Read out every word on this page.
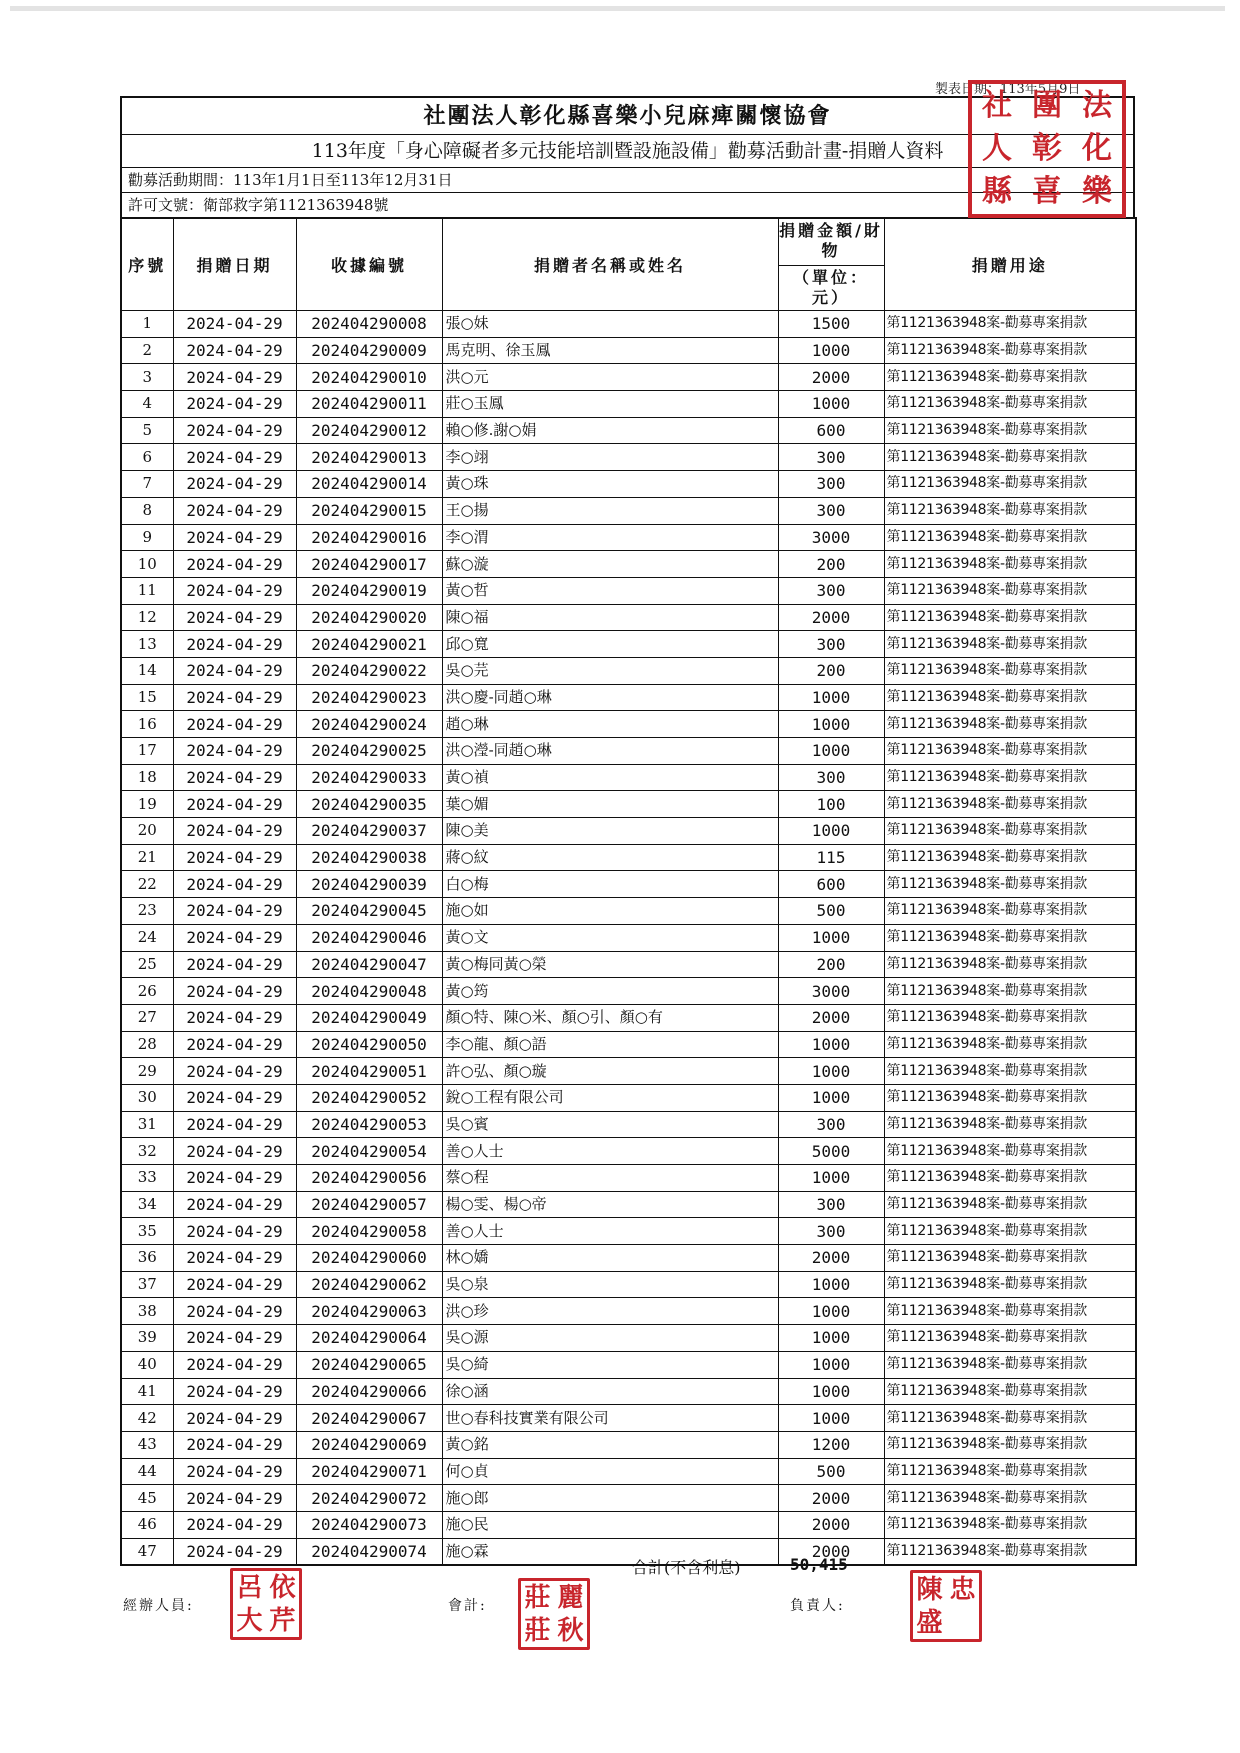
製表日期：113年5月9日
社團法人彰化縣喜樂小兒麻痺關懷協會
113年度「身心障礙者多元技能培訓暨設施設備」勸募活動計畫-捐贈人資料
勸募活動期間：113年1月1日至113年12月31日
許可文號：衛部救字第1121363948號
序號	捐贈日期	收據編號	捐贈者名稱或姓名	捐贈金額/財
物
（單位：元）	捐贈用途
1	2024-04-29	202404290008	張○妹	1500	第1121363948案-勸募專案捐款
2	2024-04-29	202404290009	馬克明、徐玉鳳	1000	第1121363948案-勸募專案捐款
3	2024-04-29	202404290010	洪○元	2000	第1121363948案-勸募專案捐款
4	2024-04-29	202404290011	莊○玉鳳	1000	第1121363948案-勸募專案捐款
5	2024-04-29	202404290012	賴○修.謝○娟	600	第1121363948案-勸募專案捐款
6	2024-04-29	202404290013	李○翊	300	第1121363948案-勸募專案捐款
7	2024-04-29	202404290014	黃○珠	300	第1121363948案-勸募專案捐款
8	2024-04-29	202404290015	王○揚	300	第1121363948案-勸募專案捐款
9	2024-04-29	202404290016	李○渭	3000	第1121363948案-勸募專案捐款
10	2024-04-29	202404290017	蘇○漩	200	第1121363948案-勸募專案捐款
11	2024-04-29	202404290019	黃○哲	300	第1121363948案-勸募專案捐款
12	2024-04-29	202404290020	陳○福	2000	第1121363948案-勸募專案捐款
13	2024-04-29	202404290021	邱○寬	300	第1121363948案-勸募專案捐款
14	2024-04-29	202404290022	吳○芫	200	第1121363948案-勸募專案捐款
15	2024-04-29	202404290023	洪○慶-同趙○琳	1000	第1121363948案-勸募專案捐款
16	2024-04-29	202404290024	趙○琳	1000	第1121363948案-勸募專案捐款
17	2024-04-29	202404290025	洪○瀅-同趙○琳	1000	第1121363948案-勸募專案捐款
18	2024-04-29	202404290033	黃○禎	300	第1121363948案-勸募專案捐款
19	2024-04-29	202404290035	葉○媚	100	第1121363948案-勸募專案捐款
20	2024-04-29	202404290037	陳○美	1000	第1121363948案-勸募專案捐款
21	2024-04-29	202404290038	蔣○紋	115	第1121363948案-勸募專案捐款
22	2024-04-29	202404290039	白○梅	600	第1121363948案-勸募專案捐款
23	2024-04-29	202404290045	施○如	500	第1121363948案-勸募專案捐款
24	2024-04-29	202404290046	黃○文	1000	第1121363948案-勸募專案捐款
25	2024-04-29	202404290047	黃○梅同黃○榮	200	第1121363948案-勸募專案捐款
26	2024-04-29	202404290048	黃○筠	3000	第1121363948案-勸募專案捐款
27	2024-04-29	202404290049	顏○特、陳○米、顏○引、顏○有	2000	第1121363948案-勸募專案捐款
28	2024-04-29	202404290050	李○龍、顏○語	1000	第1121363948案-勸募專案捐款
29	2024-04-29	202404290051	許○弘、顏○璇	1000	第1121363948案-勸募專案捐款
30	2024-04-29	202404290052	銳○工程有限公司	1000	第1121363948案-勸募專案捐款
31	2024-04-29	202404290053	吳○賓	300	第1121363948案-勸募專案捐款
32	2024-04-29	202404290054	善○人士	5000	第1121363948案-勸募專案捐款
33	2024-04-29	202404290056	蔡○程	1000	第1121363948案-勸募專案捐款
34	2024-04-29	202404290057	楊○雯、楊○帝	300	第1121363948案-勸募專案捐款
35	2024-04-29	202404290058	善○人士	300	第1121363948案-勸募專案捐款
36	2024-04-29	202404290060	林○嬌	2000	第1121363948案-勸募專案捐款
37	2024-04-29	202404290062	吳○泉	1000	第1121363948案-勸募專案捐款
38	2024-04-29	202404290063	洪○珍	1000	第1121363948案-勸募專案捐款
39	2024-04-29	202404290064	吳○源	1000	第1121363948案-勸募專案捐款
40	2024-04-29	202404290065	吳○綺	1000	第1121363948案-勸募專案捐款
41	2024-04-29	202404290066	徐○涵	1000	第1121363948案-勸募專案捐款
42	2024-04-29	202404290067	世○春科技實業有限公司	1000	第1121363948案-勸募專案捐款
43	2024-04-29	202404290069	黃○銘	1200	第1121363948案-勸募專案捐款
44	2024-04-29	202404290071	何○貞	500	第1121363948案-勸募專案捐款
45	2024-04-29	202404290072	施○郎	2000	第1121363948案-勸募專案捐款
46	2024-04-29	202404290073	施○民	2000	第1121363948案-勸募專案捐款
47	2024-04-29	202404290074	施○霖	2000	第1121363948案-勸募專案捐款
合計(不含利息)	50,415
經辦人員:	會計:	負責人:
社 團 法
人 彰 化
縣 喜 樂
呂 依
大 芹
莊 麗
莊 秋
陳 忠
盛
